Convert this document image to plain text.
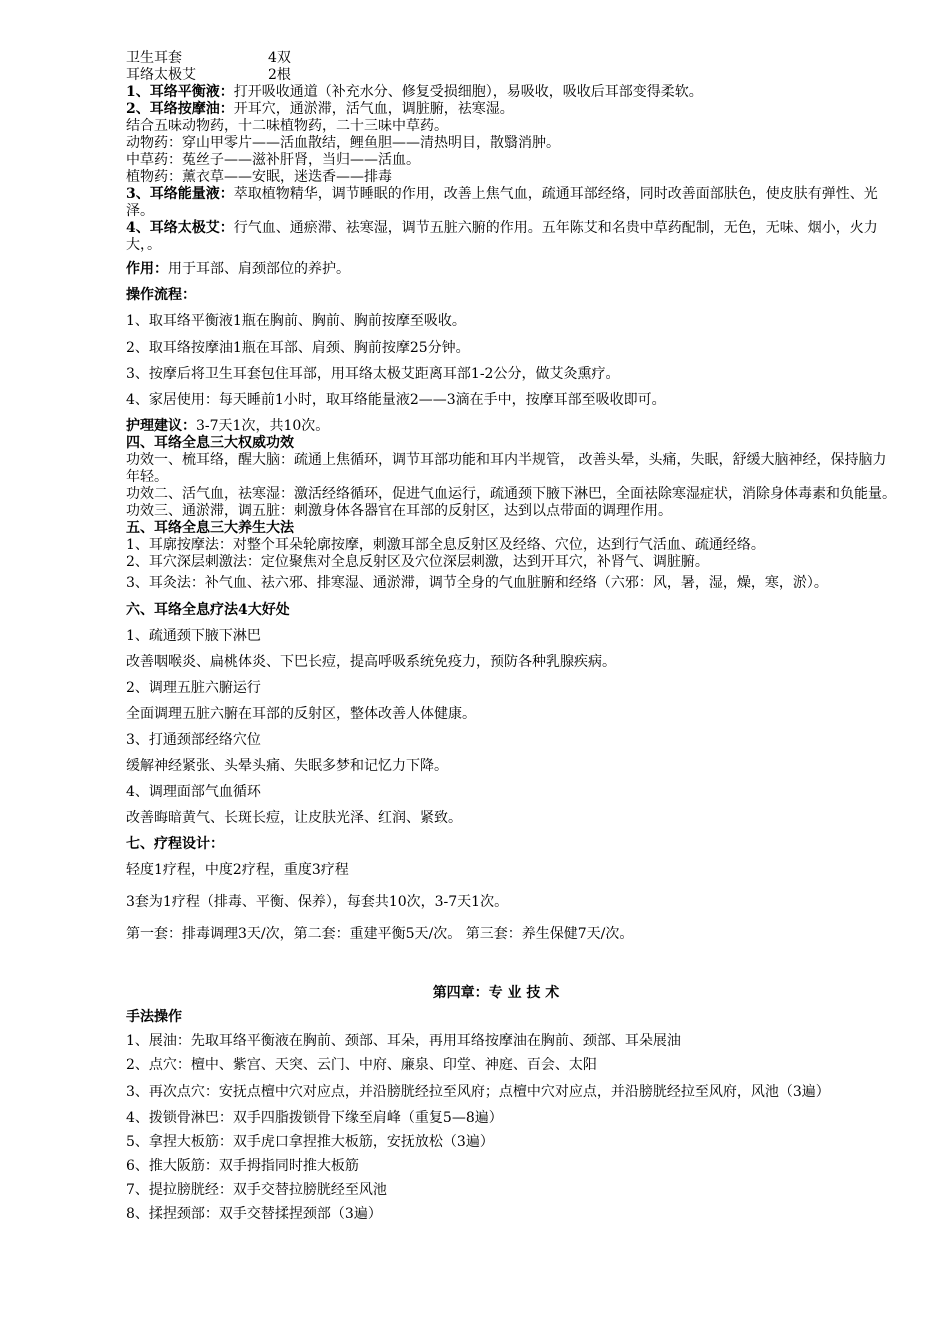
卫生耳套	4双
耳络太极艾	2根
1、耳络平衡液：打开吸收通道（补充水分、修复受损细胞），易吸收，吸收后耳部变得柔软。
2、耳络按摩油：开耳穴，通淤滞，活气血，调脏腑，祛寒湿。
结合五味动物药，十二味植物药，二十三味中草药。
动物药：穿山甲零片——活血散结，鲤鱼胆——清热明目，散翳消肿。
中草药：菟丝子——滋补肝肾，当归——活血。
植物药：薰衣草——安眠，迷迭香——排毒
3、耳络能量液：萃取植物精华，调节睡眠的作用，改善上焦气血，疏通耳部经络，同时改善面部肤色，使皮肤有弹性、光泽。
4、耳络太极艾：行气血、通瘀滞、祛寒湿，调节五脏六腑的作用。五年陈艾和名贵中草药配制，无色，无味、烟小，火力大，。
作用：用于耳部、肩颈部位的养护。
操作流程：
1、取耳络平衡液1瓶在胸前、胸前、胸前按摩至吸收。
2、取耳络按摩油1瓶在耳部、肩颈、胸前按摩25分钟。
3、按摩后将卫生耳套包住耳部，用耳络太极艾距离耳部1-2公分，做艾灸熏疗。
4、家居使用：每天睡前1小时，取耳络能量液2——3滴在手中，按摩耳部至吸收即可。
护理建议：3-7天1次，共10次。
四、耳络全息三大权威功效
功效一、梳耳络，醒大脑：疏通上焦循环，调节耳部功能和耳内半规管， 改善头晕，头痛，失眠，舒缓大脑神经，保持脑力年轻。
功效二、活气血，祛寒湿：激活经络循环，促进气血运行，疏通颈下腋下淋巴，全面祛除寒湿症状，消除身体毒素和负能量。
功效三、通淤滞，调五脏：刺激身体各器官在耳部的反射区，达到以点带面的调理作用。
五、耳络全息三大养生大法
1、耳廓按摩法：对整个耳朵轮廓按摩，刺激耳部全息反射区及经络、穴位，达到行气活血、疏通经络。
2、耳穴深层刺激法：定位聚焦对全息反射区及穴位深层刺激，达到开耳穴，补肾气、调脏腑。
3、耳灸法：补气血、祛六邪、排寒湿、通淤滞，调节全身的气血脏腑和经络（六邪：风，暑，湿，燥，寒，淤）。
六、耳络全息疗法4大好处
1、疏通颈下腋下淋巴
改善咽喉炎、扁桃体炎、下巴长痘，提高呼吸系统免疫力，预防各种乳腺疾病。
2、调理五脏六腑运行
全面调理五脏六腑在耳部的反射区，整体改善人体健康。
3、打通颈部经络穴位
缓解神经紧张、头晕头痛、失眠多梦和记忆力下降。
4、调理面部气血循环
改善晦暗黄气、长斑长痘，让皮肤光泽、红润、紧致。
七、疗程设计：
轻度1疗程，中度2疗程，重度3疗程
3套为1疗程（排毒、平衡、保养），每套共10次，3-7天1次。
第一套：排毒调理3天/次，第二套：重建平衡5天/次。 第三套：养生保健7天/次。
第四章：专 业 技 术
手法操作
1、展油：先取耳络平衡液在胸前、颈部、耳朵，再用耳络按摩油在胸前、颈部、耳朵展油
2、点穴：檀中、紫宫、天突、云门、中府、廉泉、印堂、神庭、百会、太阳
3、再次点穴：安抚点檀中穴对应点，并沿膀胱经拉至风府；点檀中穴对应点，并沿膀胱经拉至风府，风池（3遍）
4、拨锁骨淋巴：双手四脂拨锁骨下缘至肩峰（重复5—8遍）
5、拿捏大板筋：双手虎口拿捏推大板筋，安抚放松（3遍）
6、推大阪筋：双手拇指同时推大板筋
7、提拉膀胱经：双手交替拉膀胱经至风池
8、揉捏颈部：双手交替揉捏颈部（3遍）
